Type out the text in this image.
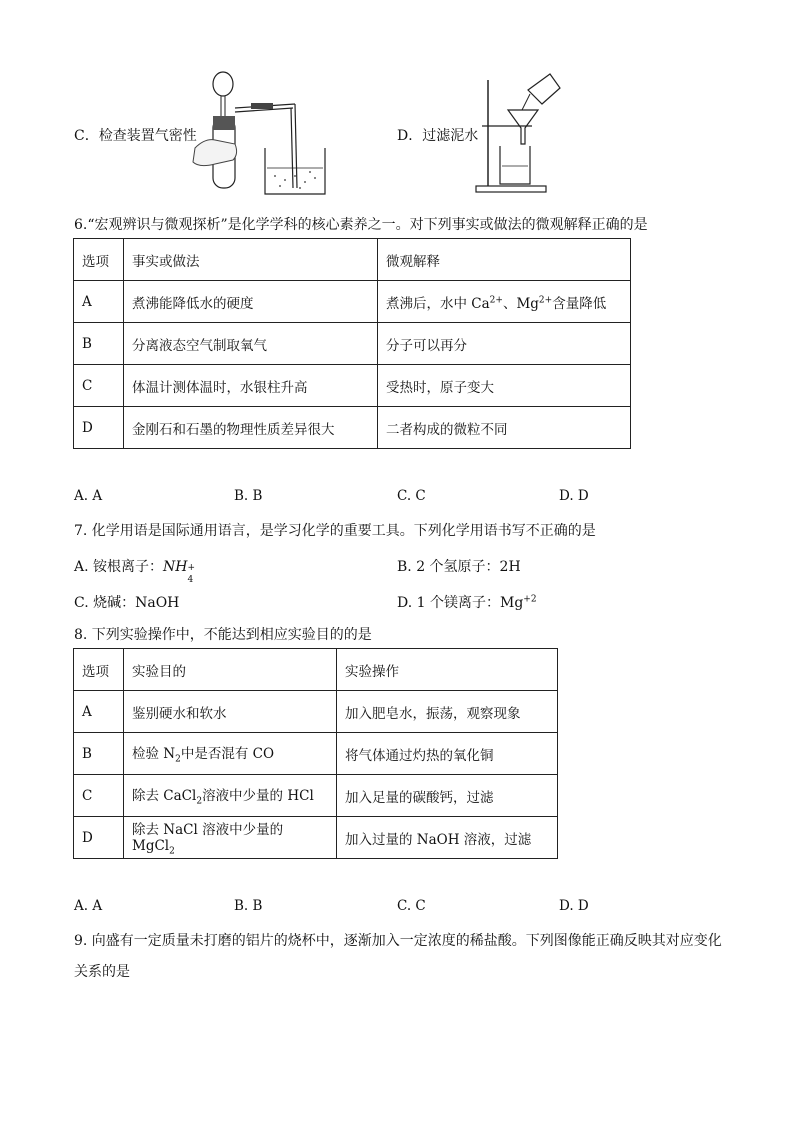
C．检查装置气密性	D．过滤泥水
6.“宏观辨识与微观探析”是化学学科的核心素养之一。对下列事实或做法的微观解释正确的是
选项	事实或做法	微观解释
A	煮沸能降低水的硬度	煮沸后，水中 $Ca^{2+}$、$Mg^{2+}$含量降低
B	分离液态空气制取氧气	分子可以再分
C	体温计测体温时，水银柱升高	受热时，原子变大
D	金刚石和石墨的物理性质差异很大	二者构成的微粒不同
A. A	B. B	C. C	D. D
7. 化学用语是国际通用语言，是学习化学的重要工具。下列化学用语书写不正确的是
A. 铵根离子：NH +
4
B. 2 个氢原子：2H
C. 烧碱：NaOH	D. 1 个镁离子：$Mg^{+2}$
8. 下列实验操作中，不能达到相应实验目的的是
选项	实验目的	实验操作
A	鉴别硬水和软水	加入肥皂水，振荡，观察现象
B	检验 $N_2$中是否混有 CO	将气体通过灼热的氧化铜
C	除去 CaCl$_2$溶液中少量的 HCl	加入足量的碳酸钙，过滤
D	除去 NaCl 溶液中少量的 MgCl$_2$	加入过量的 NaOH 溶液，过滤
A. A	B. B	C. C	D. D
9. 向盛有一定质量未打磨的铝片的烧杯中，逐渐加入一定浓度的稀盐酸。下列图像能正确反映其对应变化
关系的是
